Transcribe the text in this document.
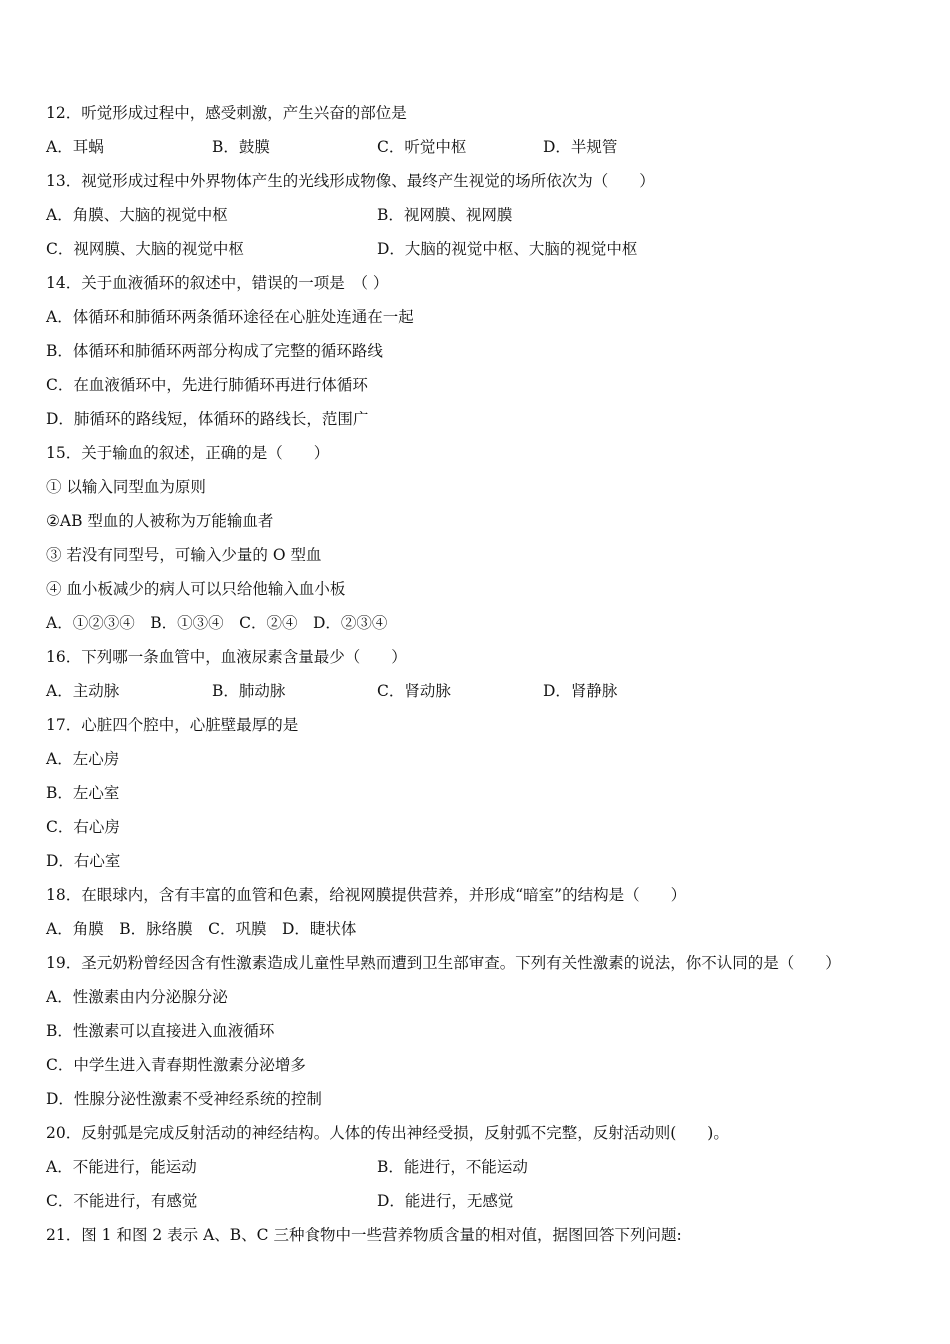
12．听觉形成过程中，感受刺激，产生兴奋的部位是
A．耳蜗	B．鼓膜	C．听觉中枢	D．半规管
13．视觉形成过程中外界物体产生的光线形成物像、最终产生视觉的场所依次为（　　）
A．角膜、大脑的视觉中枢	B．视网膜、视网膜
C．视网膜、大脑的视觉中枢	D．大脑的视觉中枢、大脑的视觉中枢
14．关于血液循环的叙述中，错误的一项是　（ ）
A．体循环和肺循环两条循环途径在心脏处连通在一起
B．体循环和肺循环两部分构成了完整的循环路线
C．在血液循环中，先进行肺循环再进行体循环
D．肺循环的路线短，体循环的路线长，范围广
15．关于输血的叙述，正确的是（　　）
① 以输入同型血为原则
②AB 型血的人被称为万能输血者
③ 若没有同型号，可输入少量的 O 型血
④ 血小板减少的病人可以只给他输入血小板
A．①②③④　B．①③④　C．②④　D．②③④
16．下列哪一条血管中，血液尿素含量最少（　　）
A．主动脉	B．肺动脉	C．肾动脉	D．肾静脉
17．心脏四个腔中，心脏壁最厚的是
A．左心房
B．左心室
C．右心房
D．右心室
18．在眼球内，含有丰富的血管和色素，给视网膜提供营养，并形成“暗室”的结构是（　　）
A．角膜　B．脉络膜　C．巩膜　D．睫状体
19．圣元奶粉曾经因含有性激素造成儿童性早熟而遭到卫生部审查。下列有关性激素的说法，你不认同的是（　　）
A．性激素由内分泌腺分泌
B．性激素可以直接进入血液循环
C．中学生进入青春期性激素分泌增多
D．性腺分泌性激素不受神经系统的控制
20．反射弧是完成反射活动的神经结构。人体的传出神经受损，反射弧不完整，反射活动则(　　)。
A．不能进行，能运动	B．能进行，不能运动
C．不能进行，有感觉	D．能进行，无感觉
21．图 1 和图 2 表示 A、B、C 三种食物中一些营养物质含量的相对值，据图回答下列问题:
